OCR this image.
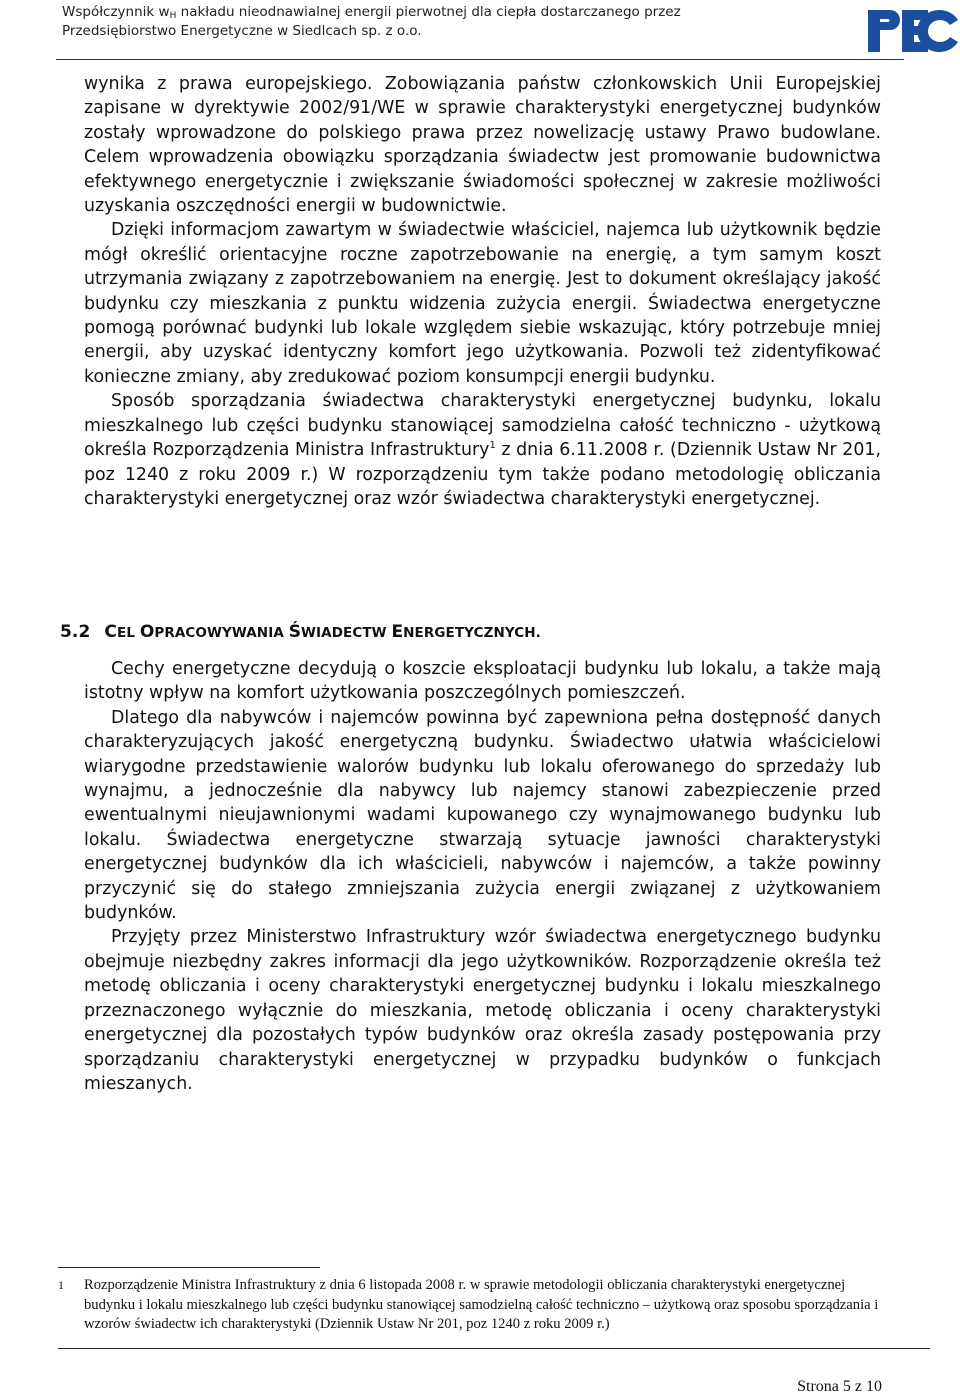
Współczynnik $w_H$ nakładu nieodnawialnej energii pierwotnej dla ciepła dostarczanego przez
Przedsiębiorstwo Energetyczne w Siedlcach sp. z o.o.
PEC

wynika z prawa europejskiego. Zobowiązania państw członkowskich Unii Europejskiej zapisane w dyrektywie 2002/91/WE w sprawie charakterystyki energetycznej budynków zostały wprowadzone do polskiego prawa przez nowelizację ustawy Prawo budowlane. Celem wprowadzenia obowiązku sporządzania świadectw jest promowanie budownictwa efektywnego energetycznie i zwiększanie świadomości społecznej w zakresie możliwości uzyskania oszczędności energii w budownictwie.

Dzięki informacjom zawartym w świadectwie właściciel, najemca lub użytkownik będzie mógł określić orientacyjne roczne zapotrzebowanie na energię, a tym samym koszt utrzymania związany z zapotrzebowaniem na energię. Jest to dokument określający jakość budynku czy mieszkania z punktu widzenia zużycia energii. Świadectwa energetyczne pomogą porównać budynki lub lokale względem siebie wskazując, który potrzebuje mniej energii, aby uzyskać identyczny komfort jego użytkowania. Pozwoli też zidentyfikować konieczne zmiany, aby zredukować poziom konsumpcji energii budynku.

Sposób sporządzania świadectwa charakterystyki energetycznej budynku, lokalu mieszkalnego lub części budynku stanowiącej samodzielna całość techniczno - użytkową określa Rozporządzenia Ministra Infrastruktury$^1$ z dnia 6.11.2008 r. (Dziennik Ustaw Nr 201, poz 1240 z roku 2009 r.) W rozporządzeniu tym także podano metodologię obliczania charakterystyki energetycznej oraz wzór świadectwa charakterystyki energetycznej.

5.2 CEL OPRACOWYWANIA ŚWIADECTW ENERGETYCZNYCH.

Cechy energetyczne decydują o koszcie eksploatacji budynku lub lokalu, a także mają istotny wpływ na komfort użytkowania poszczególnych pomieszczeń.

Dlatego dla nabywców i najemców powinna być zapewniona pełna dostępność danych charakteryzujących jakość energetyczną budynku. Świadectwo ułatwia właścicielowi wiarygodne przedstawienie walorów budynku lub lokalu oferowanego do sprzedaży lub wynajmu, a jednocześnie dla nabywcy lub najemcy stanowi zabezpieczenie przed ewentualnymi nieujawnionymi wadami kupowanego czy wynajmowanego budynku lub lokalu. Świadectwa energetyczne stwarzają sytuacje jawności charakterystyki energetycznej budynków dla ich właścicieli, nabywców i najemców, a także powinny przyczynić się do stałego zmniejszania zużycia energii związanej z użytkowaniem budynków.

Przyjęty przez Ministerstwo Infrastruktury wzór świadectwa energetycznego budynku obejmuje niezbędny zakres informacji dla jego użytkowników. Rozporządzenie określa też metodę obliczania i oceny charakterystyki energetycznej budynku i lokalu mieszkalnego przeznaczonego wyłącznie do mieszkania, metodę obliczania i oceny charakterystyki energetycznej dla pozostałych typów budynków oraz określa zasady postępowania przy sporządzaniu charakterystyki energetycznej w przypadku budynków o funkcjach mieszanych.

1 Rozporządzenie Ministra Infrastruktury z dnia 6 listopada 2008 r. w sprawie metodologii obliczania charakterystyki energetycznej budynku i lokalu mieszkalnego lub części budynku stanowiącej samodzielną całość techniczno – użytkową oraz sposobu sporządzania i wzorów świadectw ich charakterystyki (Dziennik Ustaw Nr 201, poz 1240 z roku 2009 r.)
Strona 5 z 10
